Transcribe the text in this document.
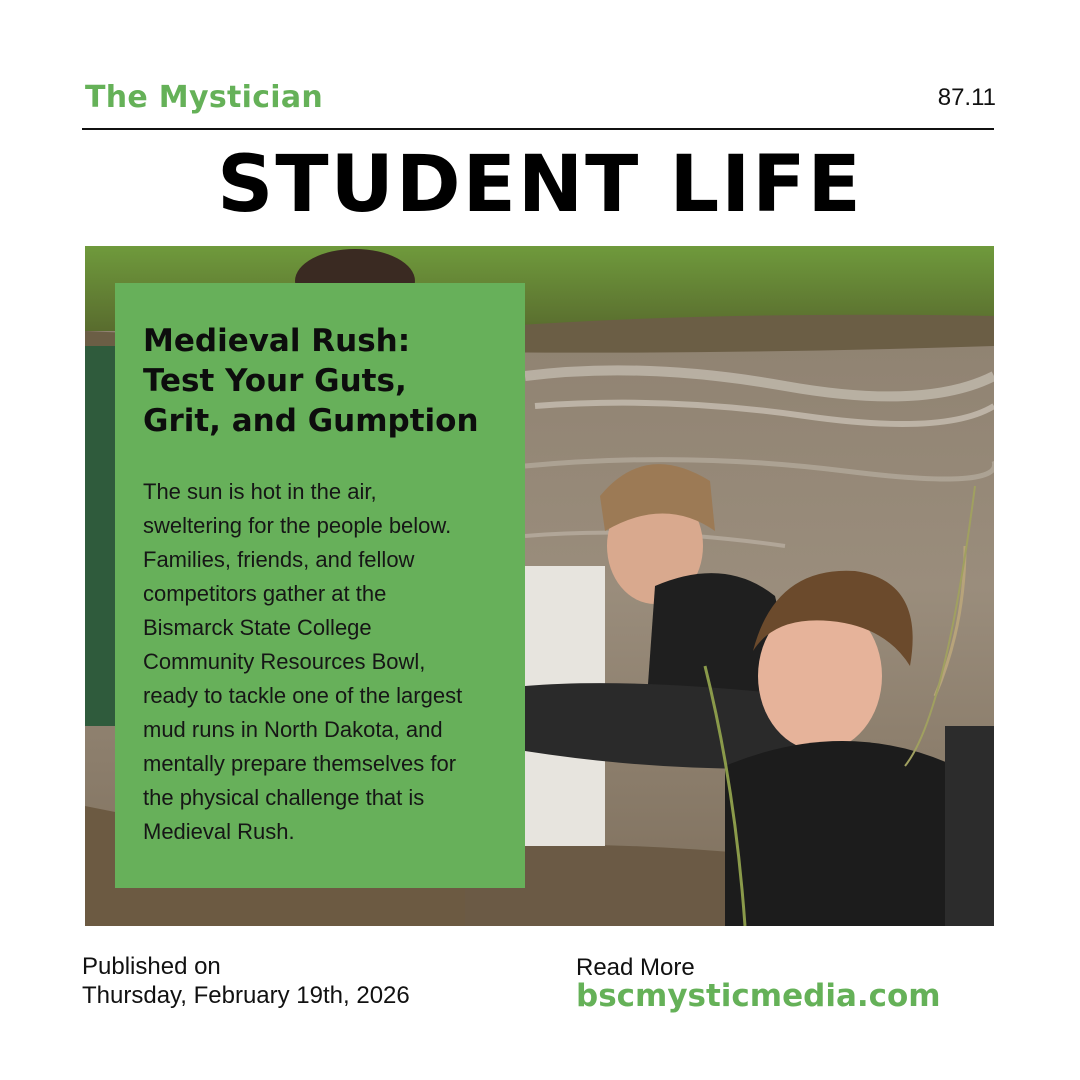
The Mystician	87.11
STUDENT LIFE
Medieval Rush:
Test Your Guts,
Grit, and Gumption
The sun is hot in the air,
sweltering for the people below.
Families, friends, and fellow
competitors gather at the
Bismarck State College
Community Resources Bowl,
ready to tackle one of the largest
mud runs in North Dakota, and
mentally prepare themselves for
the physical challenge that is
Medieval Rush.
Published on
Thursday, February 19th, 2026
Read More
bscmysticmedia.com
